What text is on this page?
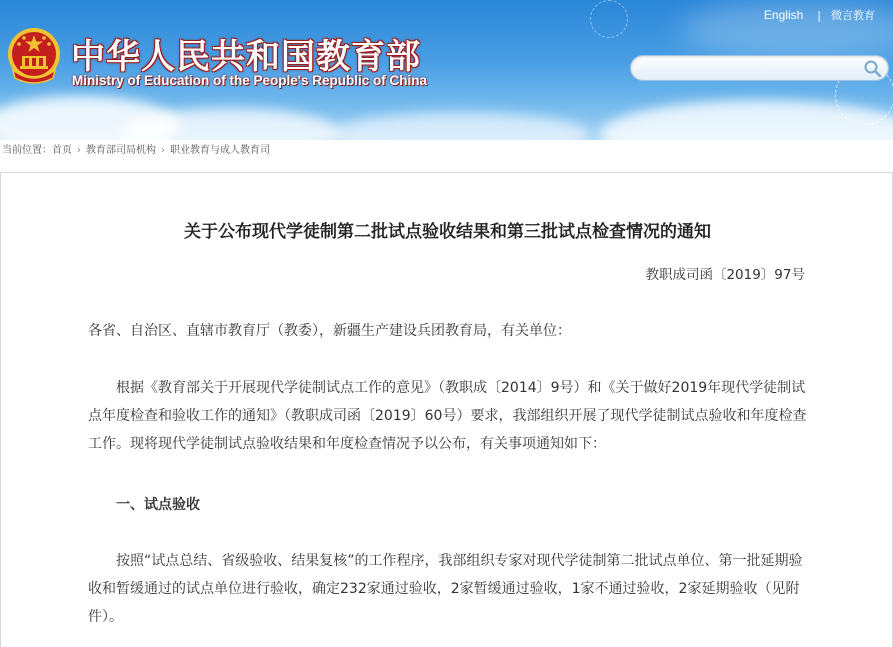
中华人民共和国教育部
Ministry of Education of the People's Republic of China
English | 微言教育
当前位置：首页 › 教育部司局机构 › 职业教育与成人教育司
关于公布现代学徒制第二批试点验收结果和第三批试点检查情况的通知
教职成司函〔2019〕97号

各省、自治区、直辖市教育厅（教委），新疆生产建设兵团教育局，有关单位：

根据《教育部关于开展现代学徒制试点工作的意见》（教职成〔2014〕9号）和《关于做好2019年现代学徒制试点年度检查和验收工作的通知》（教职成司函〔2019〕60号）要求，我部组织开展了现代学徒制试点验收和年度检查工作。现将现代学徒制试点验收结果和年度检查情况予以公布，有关事项通知如下：

一、试点验收

按照“试点总结、省级验收、结果复核”的工作程序，我部组织专家对现代学徒制第二批试点单位、第一批延期验收和暂缓通过的试点单位进行验收，确定232家通过验收，2家暂缓通过验收，1家不通过验收，2家延期验收（见附件）。
